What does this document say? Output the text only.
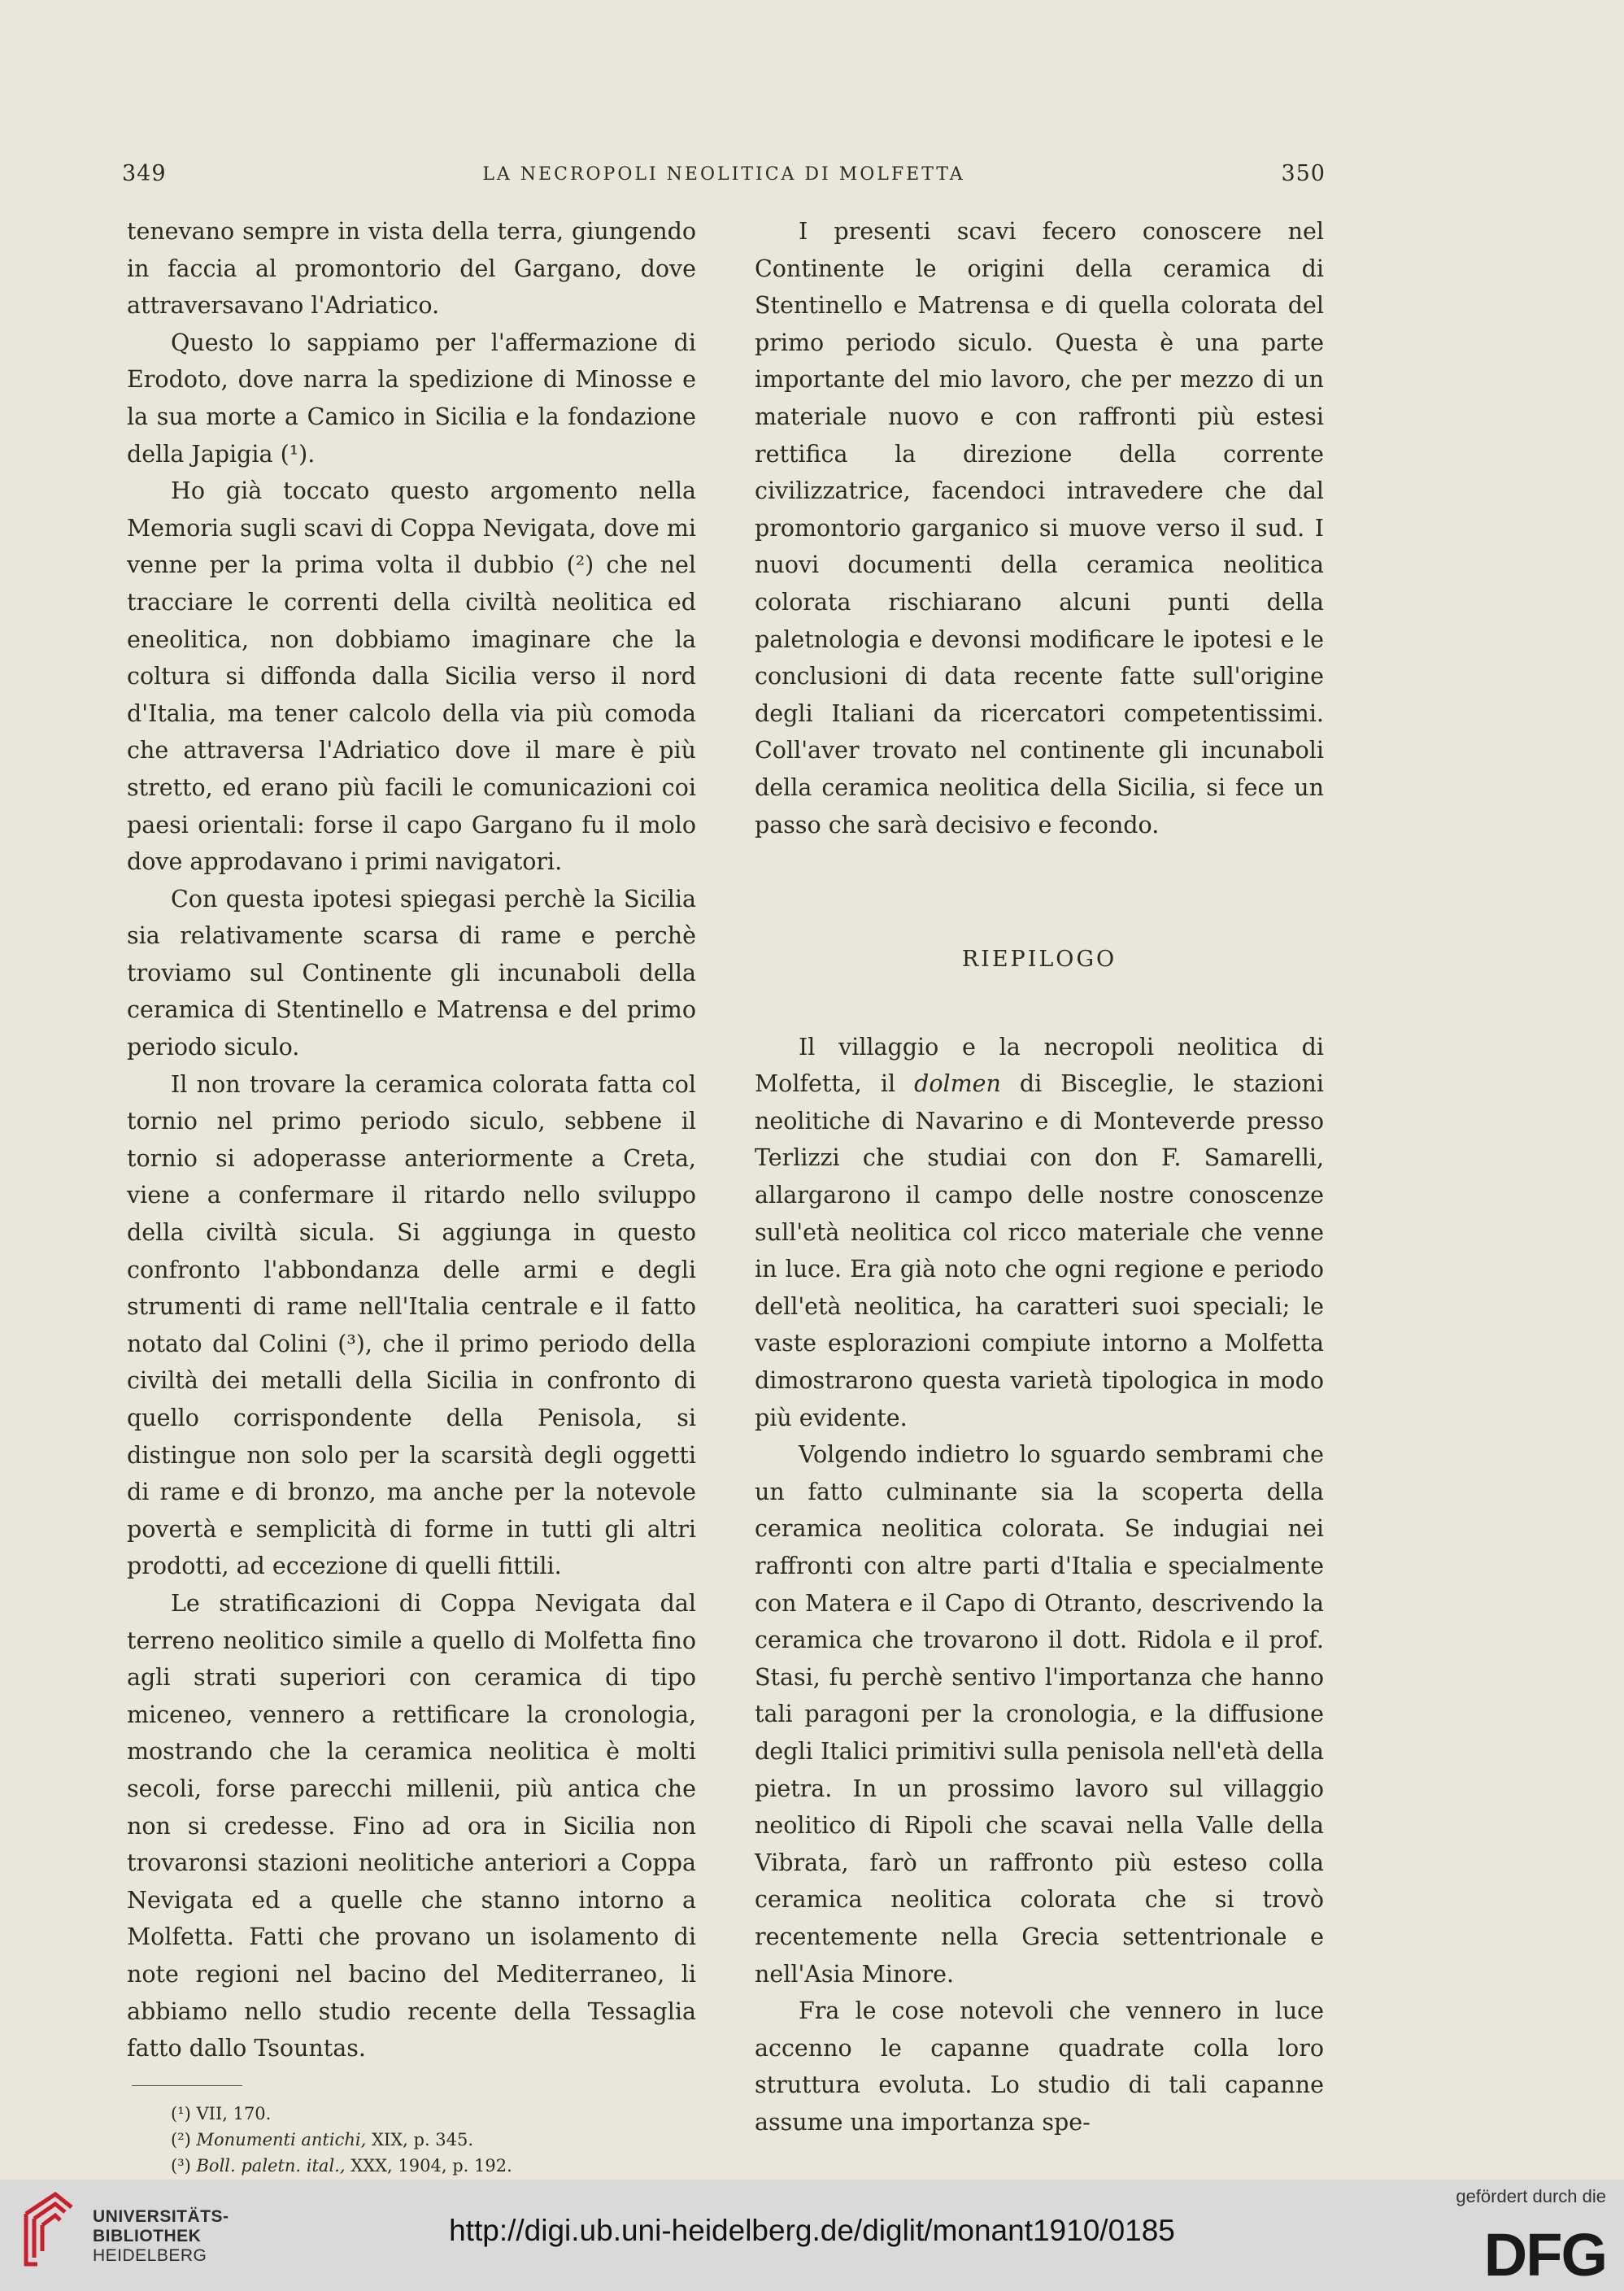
349	LA NECROPOLI NEOLITICA DI MOLFETTA	350

tenevano sempre in vista della terra, giungendo in faccia al promontorio del Gargano, dove attraversavano l'Adriatico.

Questo lo sappiamo per l'affermazione di Erodoto, dove narra la spedizione di Minosse e la sua morte a Camico in Sicilia e la fondazione della Japigia (¹).

Ho già toccato questo argomento nella Memoria sugli scavi di Coppa Nevigata, dove mi venne per la prima volta il dubbio (²) che nel tracciare le correnti della civiltà neolitica ed eneolitica, non dobbiamo imaginare che la coltura si diffonda dalla Sicilia verso il nord d'Italia, ma tener calcolo della via più comoda che attraversa l'Adriatico dove il mare è più stretto, ed erano più facili le comunicazioni coi paesi orientali: forse il capo Gargano fu il molo dove approdavano i primi navigatori.

Con questa ipotesi spiegasi perchè la Sicilia sia relativamente scarsa di rame e perchè troviamo sul Continente gli incunaboli della ceramica di Stentinello e Matrensa e del primo periodo siculo.

Il non trovare la ceramica colorata fatta col tornio nel primo periodo siculo, sebbene il tornio si adoperasse anteriormente a Creta, viene a confermare il ritardo nello sviluppo della civiltà sicula. Si aggiunga in questo confronto l'abbondanza delle armi e degli strumenti di rame nell'Italia centrale e il fatto notato dal Colini (³), che il primo periodo della civiltà dei metalli della Sicilia in confronto di quello corrispondente della Penisola, si distingue non solo per la scarsità degli oggetti di rame e di bronzo, ma anche per la notevole povertà e semplicità di forme in tutti gli altri prodotti, ad eccezione di quelli fittili.

Le stratificazioni di Coppa Nevigata dal terreno neolitico simile a quello di Molfetta fino agli strati superiori con ceramica di tipo miceneo, vennero a rettificare la cronologia, mostrando che la ceramica neolitica è molti secoli, forse parecchi millenii, più antica che non si credesse. Fino ad ora in Sicilia non trovaronsi stazioni neolitiche anteriori a Coppa Nevigata ed a quelle che stanno intorno a Molfetta. Fatti che provano un isolamento di note regioni nel bacino del Mediterraneo, li abbiamo nello studio recente della Tessaglia fatto dallo Tsountas.

(¹) VII, 170.
(²) Monumenti antichi, XIX, p. 345.
(³) Boll. paletn. ital., XXX, 1904, p. 192.

I presenti scavi fecero conoscere nel Continente le origini della ceramica di Stentinello e Matrensa e di quella colorata del primo periodo siculo. Questa è una parte importante del mio lavoro, che per mezzo di un materiale nuovo e con raffronti più estesi rettifica la direzione della corrente civilizzatrice, facendoci intravedere che dal promontorio garganico si muove verso il sud. I nuovi documenti della ceramica neolitica colorata rischiarano alcuni punti della paletnologia e devonsi modificare le ipotesi e le conclusioni di data recente fatte sull'origine degli Italiani da ricercatori competentissimi. Coll'aver trovato nel continente gli incunaboli della ceramica neolitica della Sicilia, si fece un passo che sarà decisivo e fecondo.

RIEPILOGO

Il villaggio e la necropoli neolitica di Molfetta, il dolmen di Bisceglie, le stazioni neolitiche di Navarino e di Monteverde presso Terlizzi che studiai con don F. Samarelli, allargarono il campo delle nostre conoscenze sull'età neolitica col ricco materiale che venne in luce. Era già noto che ogni regione e periodo dell'età neolitica, ha caratteri suoi speciali; le vaste esplorazioni compiute intorno a Molfetta dimostrarono questa varietà tipologica in modo più evidente.

Volgendo indietro lo sguardo sembrami che un fatto culminante sia la scoperta della ceramica neolitica colorata. Se indugiai nei raffronti con altre parti d'Italia e specialmente con Matera e il Capo di Otranto, descrivendo la ceramica che trovarono il dott. Ridola e il prof. Stasi, fu perchè sentivo l'importanza che hanno tali paragoni per la cronologia, e la diffusione degli Italici primitivi sulla penisola nell'età della pietra. In un prossimo lavoro sul villaggio neolitico di Ripoli che scavai nella Valle della Vibrata, farò un raffronto più esteso colla ceramica neolitica colorata che si trovò recentemente nella Grecia settentrionale e nell'Asia Minore.

Fra le cose notevoli che vennero in luce accenno le capanne quadrate colla loro struttura evoluta. Lo studio di tali capanne assume una importanza spe-

UNIVERSITÄTS-
BIBLIOTHEK
HEIDELBERG
http://digi.ub.uni-heidelberg.de/diglit/monant1910/0185
gefördert durch die
DFG
